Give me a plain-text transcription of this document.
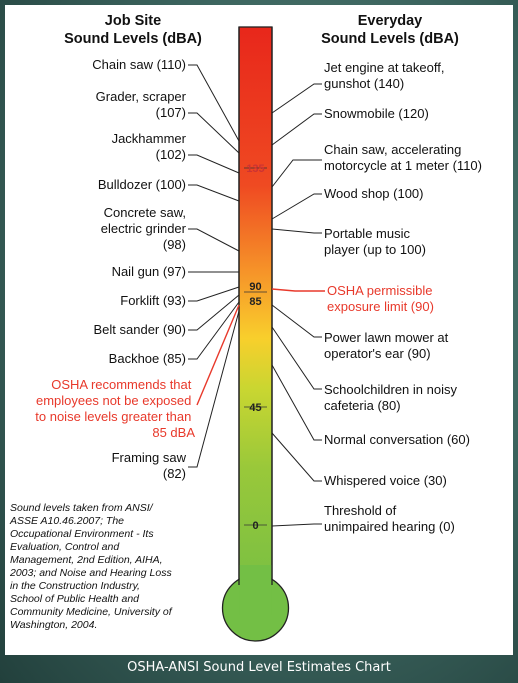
Job Site
Sound Levels (dBA)
Everyday
Sound Levels (dBA)
135
90
85
45
0
Chain saw (110)
Grader, scraper (107)
Jackhammer (102)
Bulldozer (100)
Concrete saw, electric grinder (98)
Nail gun (97)
Forklift (93)
Belt sander (90)
Backhoe (85)
Framing saw (82)
OSHA recommends that employees not be exposed to noise levels greater than 85 dBA
Jet engine at takeoff, gunshot (140)
Snowmobile (120)
Chain saw, accelerating motorcycle at 1 meter (110)
Wood shop (100)
Portable music player (up to 100)
Power lawn mower at operator's ear (90)
Schoolchildren in noisy cafeteria (80)
Normal conversation (60)
Whispered voice (30)
Threshold of unimpaired hearing (0)
OSHA permissible exposure limit (90)
Sound levels taken from ANSI/ ASSE A10.46.2007; The Occupational Environment - Its Evaluation, Control and Management, 2nd Edition, AIHA, 2003; and Noise and Hearing Loss in the Construction Industry, School of Public Health and Community Medicine, University of Washington, 2004.
OSHA-ANSI Sound Level Estimates Chart
